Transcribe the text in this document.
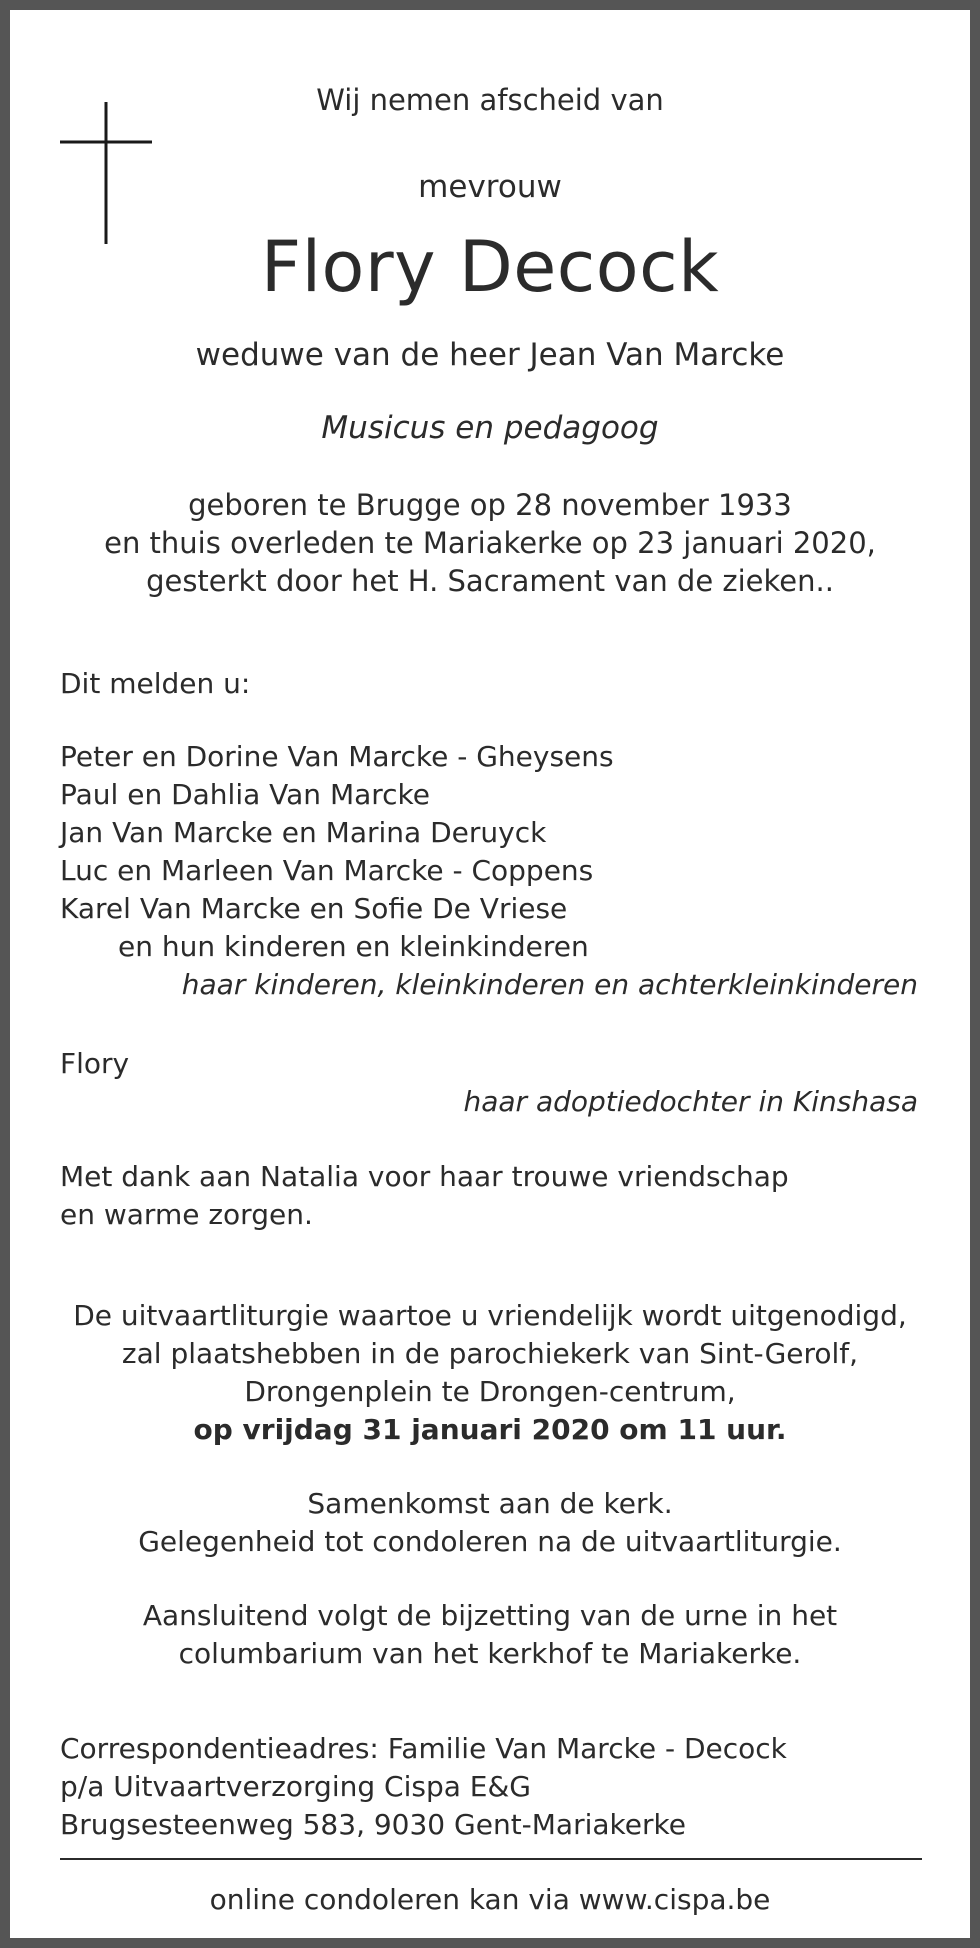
Wij nemen afscheid van
mevrouw
Flory Decock
weduwe van de heer Jean Van Marcke
Musicus en pedagoog
geboren te Brugge op 28 november 1933
en thuis overleden te Mariakerke op 23 januari 2020,
gesterkt door het H. Sacrament van de zieken..
Dit melden u:
Peter en Dorine Van Marcke - Gheysens
Paul en Dahlia Van Marcke
Jan Van Marcke en Marina Deruyck
Luc en Marleen Van Marcke - Coppens
Karel Van Marcke en Sofie De Vriese
en hun kinderen en kleinkinderen
haar kinderen, kleinkinderen en achterkleinkinderen
Flory
haar adoptiedochter in Kinshasa
Met dank aan Natalia voor haar trouwe vriendschap
en warme zorgen.
De uitvaartliturgie waartoe u vriendelijk wordt uitgenodigd,
zal plaatshebben in de parochiekerk van Sint-Gerolf,
Drongenplein te Drongen-centrum,
op vrijdag 31 januari 2020 om 11 uur.
Samenkomst aan de kerk.
Gelegenheid tot condoleren na de uitvaartliturgie.
Aansluitend volgt de bijzetting van de urne in het
columbarium van het kerkhof te Mariakerke.
Correspondentieadres: Familie Van Marcke - Decock
p/a Uitvaartverzorging Cispa E&G
Brugsesteenweg 583, 9030 Gent-Mariakerke
online condoleren kan via www.cispa.be
